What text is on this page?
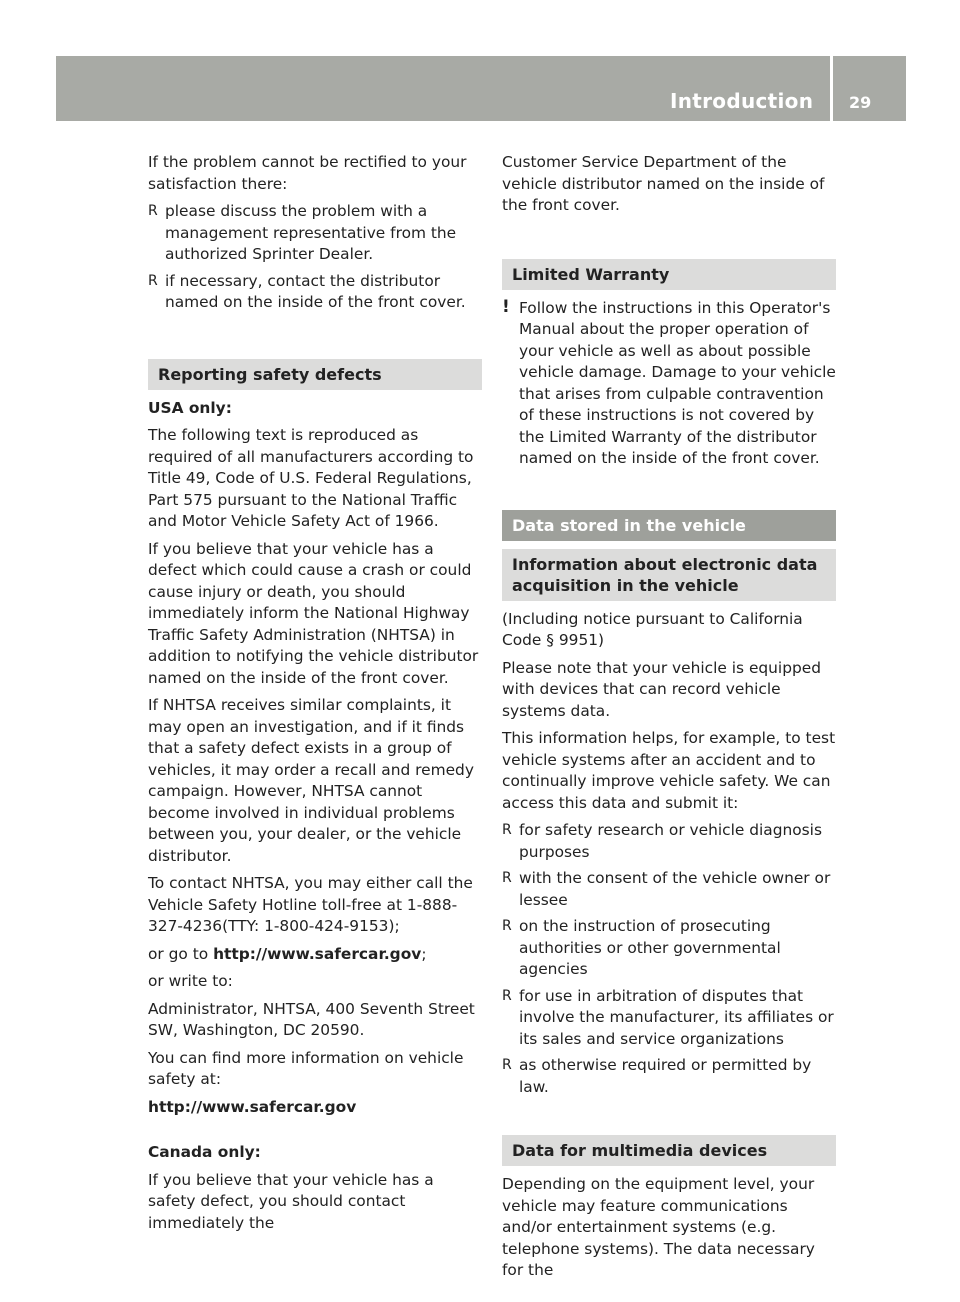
Introduction 29

If the problem cannot be rectified to your satisfaction there:

R please discuss the problem with a management representative from the authorized Sprinter Dealer.
R if necessary, contact the distributor named on the inside of the front cover.
Reporting safety defects

USA only:

The following text is reproduced as required of all manufacturers according to Title 49, Code of U.S. Federal Regulations, Part 575 pursuant to the National Traffic and Motor Vehicle Safety Act of 1966.

If you believe that your vehicle has a defect which could cause a crash or could cause injury or death, you should immediately inform the National Highway Traffic Safety Administration (NHTSA) in addition to notifying the vehicle distributor named on the inside of the front cover.

If NHTSA receives similar complaints, it may open an investigation, and if it finds that a safety defect exists in a group of vehicles, it may order a recall and remedy campaign. However, NHTSA cannot become involved in individual problems between you, your dealer, or the vehicle distributor.

To contact NHTSA, you may either call the Vehicle Safety Hotline toll-free at 1-888-327-4236(TTY: 1-800-424-9153);

or go to http://www.safercar.gov;

or write to:

Administrator, NHTSA, 400 Seventh Street SW, Washington, DC 20590.

You can find more information on vehicle safety at:

http://www.safercar.gov

Canada only:

If you believe that your vehicle has a safety defect, you should contact immediately the

Customer Service Department of the vehicle distributor named on the inside of the front cover.

Limited Warranty
! Follow the instructions in this Operator's Manual about the proper operation of your vehicle as well as about possible vehicle damage. Damage to your vehicle that arises from culpable contravention of these instructions is not covered by the Limited Warranty of the distributor named on the inside of the front cover.
Data stored in the vehicle
Information about electronic data acquisition in the vehicle

(Including notice pursuant to California Code § 9951)

Please note that your vehicle is equipped with devices that can record vehicle systems data.

This information helps, for example, to test vehicle systems after an accident and to continually improve vehicle safety. We can access this data and submit it:

R for safety research or vehicle diagnosis purposes
R with the consent of the vehicle owner or lessee
R on the instruction of prosecuting authorities or other governmental agencies
R for use in arbitration of disputes that involve the manufacturer, its affiliates or its sales and service organizations
R as otherwise required or permitted by law.
Data for multimedia devices

Depending on the equipment level, your vehicle may feature communications and/or entertainment systems (e.g. telephone systems). The data necessary for the
